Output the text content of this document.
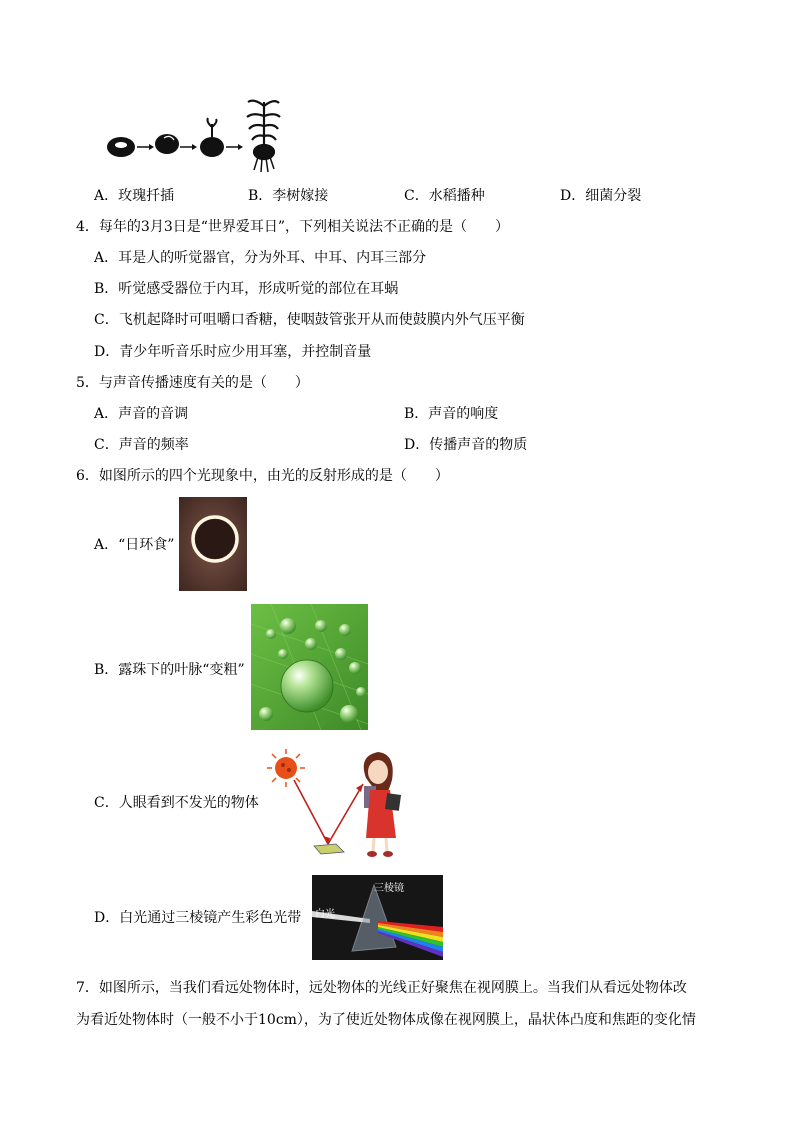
A．玫瑰扦插	B．李树嫁接	C．水稻播种	D．细菌分裂
4．每年的3月3日是“世界爱耳日”，下列相关说法不正确的是（　　）
A．耳是人的听觉器官，分为外耳、中耳、内耳三部分
B．听觉感受器位于内耳，形成听觉的部位在耳蜗
C．飞机起降时可咀嚼口香糖，使咽鼓管张开从而使鼓膜内外气压平衡
D．青少年听音乐时应少用耳塞，并控制音量
5．与声音传播速度有关的是（　　）
A．声音的音调	B．声音的响度
C．声音的频率	D．传播声音的物质
6．如图所示的四个光现象中，由光的反射形成的是（　　）
A．“日环食”
B．露珠下的叶脉“变粗”
C．人眼看到不发光的物体
D．白光通过三棱镜产生彩色光带
三棱镜
白光
7．如图所示，当我们看远处物体时，远处物体的光线正好聚焦在视网膜上。当我们从看远处物体改
为看近处物体时（一般不小于10cm），为了使近处物体成像在视网膜上，晶状体凸度和焦距的变化情
